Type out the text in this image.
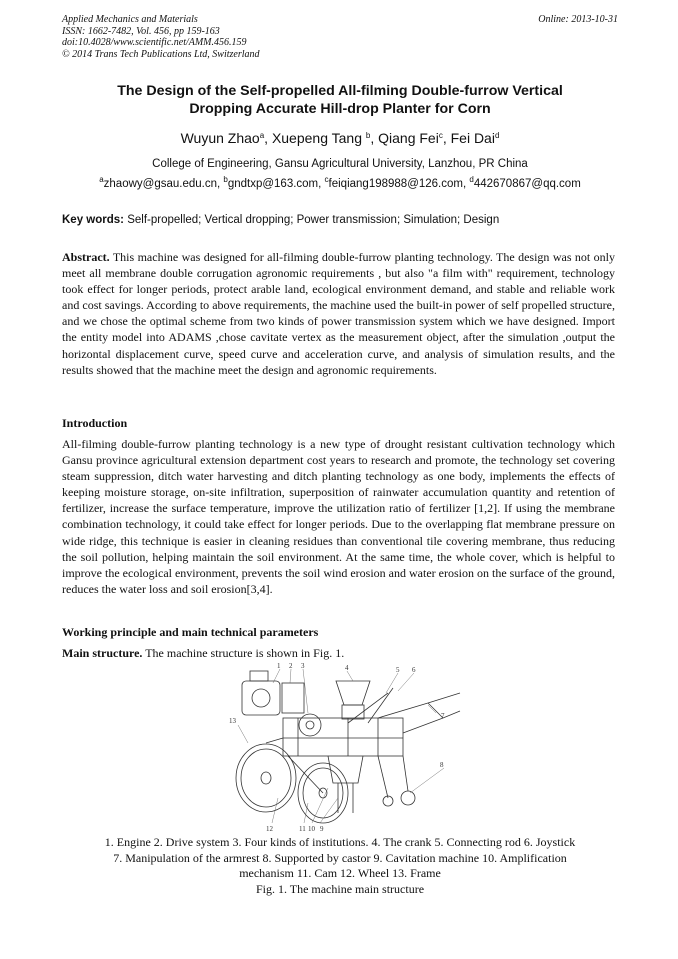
Applied Mechanics and Materials
ISSN: 1662-7482, Vol. 456, pp 159-163
doi:10.4028/www.scientific.net/AMM.456.159
© 2014 Trans Tech Publications Ltd, Switzerland
Online: 2013-10-31
The Design of the Self-propelled All-filming Double-furrow Vertical
Dropping Accurate Hill-drop Planter for Corn
Wuyun Zhao$^a$, Xuepeng Tang $^b$, Qiang Fei$^c$, Fei Dai$^d$
College of Engineering, Gansu Agricultural University, Lanzhou, PR China
$^a$zhaowy@gsau.edu.cn, $^b$gndtxp@163.com, $^c$feiqiang198988@126.com, $^d$442670867@qq.com
Key words: Self-propelled; Vertical dropping; Power transmission; Simulation; Design
Abstract. This machine was designed for all-filming double-furrow planting technology. The design was not only meet all membrane double corrugation agronomic requirements , but also "a film with" requirement, technology took effect for longer periods, protect arable land, ecological environment demand, and stable and reliable work and cost savings. According to above requirements, the machine used the built-in power of self propelled structure, and we chose the optimal scheme from two kinds of power transmission system which we have designed. Import the entity model into ADAMS ,chose cavitate vertex as the measurement object, after the simulation ,output the horizontal displacement curve, speed curve and acceleration curve, and analysis of simulation results, and the results showed that the machine meet the design and agronomic requirements.
Introduction
All-filming double-furrow planting technology is a new type of drought resistant cultivation technology which Gansu province agricultural extension department cost years to research and promote, the technology set covering steam suppression, ditch water harvesting and ditch planting technology as one body, implements the effects of keeping moisture storage, on-site infiltration, superposition of rainwater accumulation quantity and retention of fertilizer, increase the surface temperature, improve the utilization ratio of fertilizer [1,2]. If using the membrane combination technology, it could take effect for longer periods. Due to the overlapping flat membrane pressure on wide ridge, this technique is easier in cleaning residues than conventional tile covering membrane, thus reducing the soil pollution, helping maintain the soil environment. At the same time, the whole cover, which is helpful to improve the ecological environment, prevents the soil wind erosion and water erosion on the surface of the ground, reduces the water loss and soil erosion[3,4].
Working principle and main technical parameters
Main structure. The machine structure is shown in Fig. 1.
1 2 3	4	5 6
7
8
13
12	11 10 9
1. Engine 2. Drive system 3. Four kinds of institutions. 4. The crank 5. Connecting rod 6. Joystick
7. Manipulation of the armrest 8. Supported by castor 9. Cavitation machine 10. Amplification
mechanism 11. Cam 12. Wheel 13. Frame
Fig. 1. The machine main structure
